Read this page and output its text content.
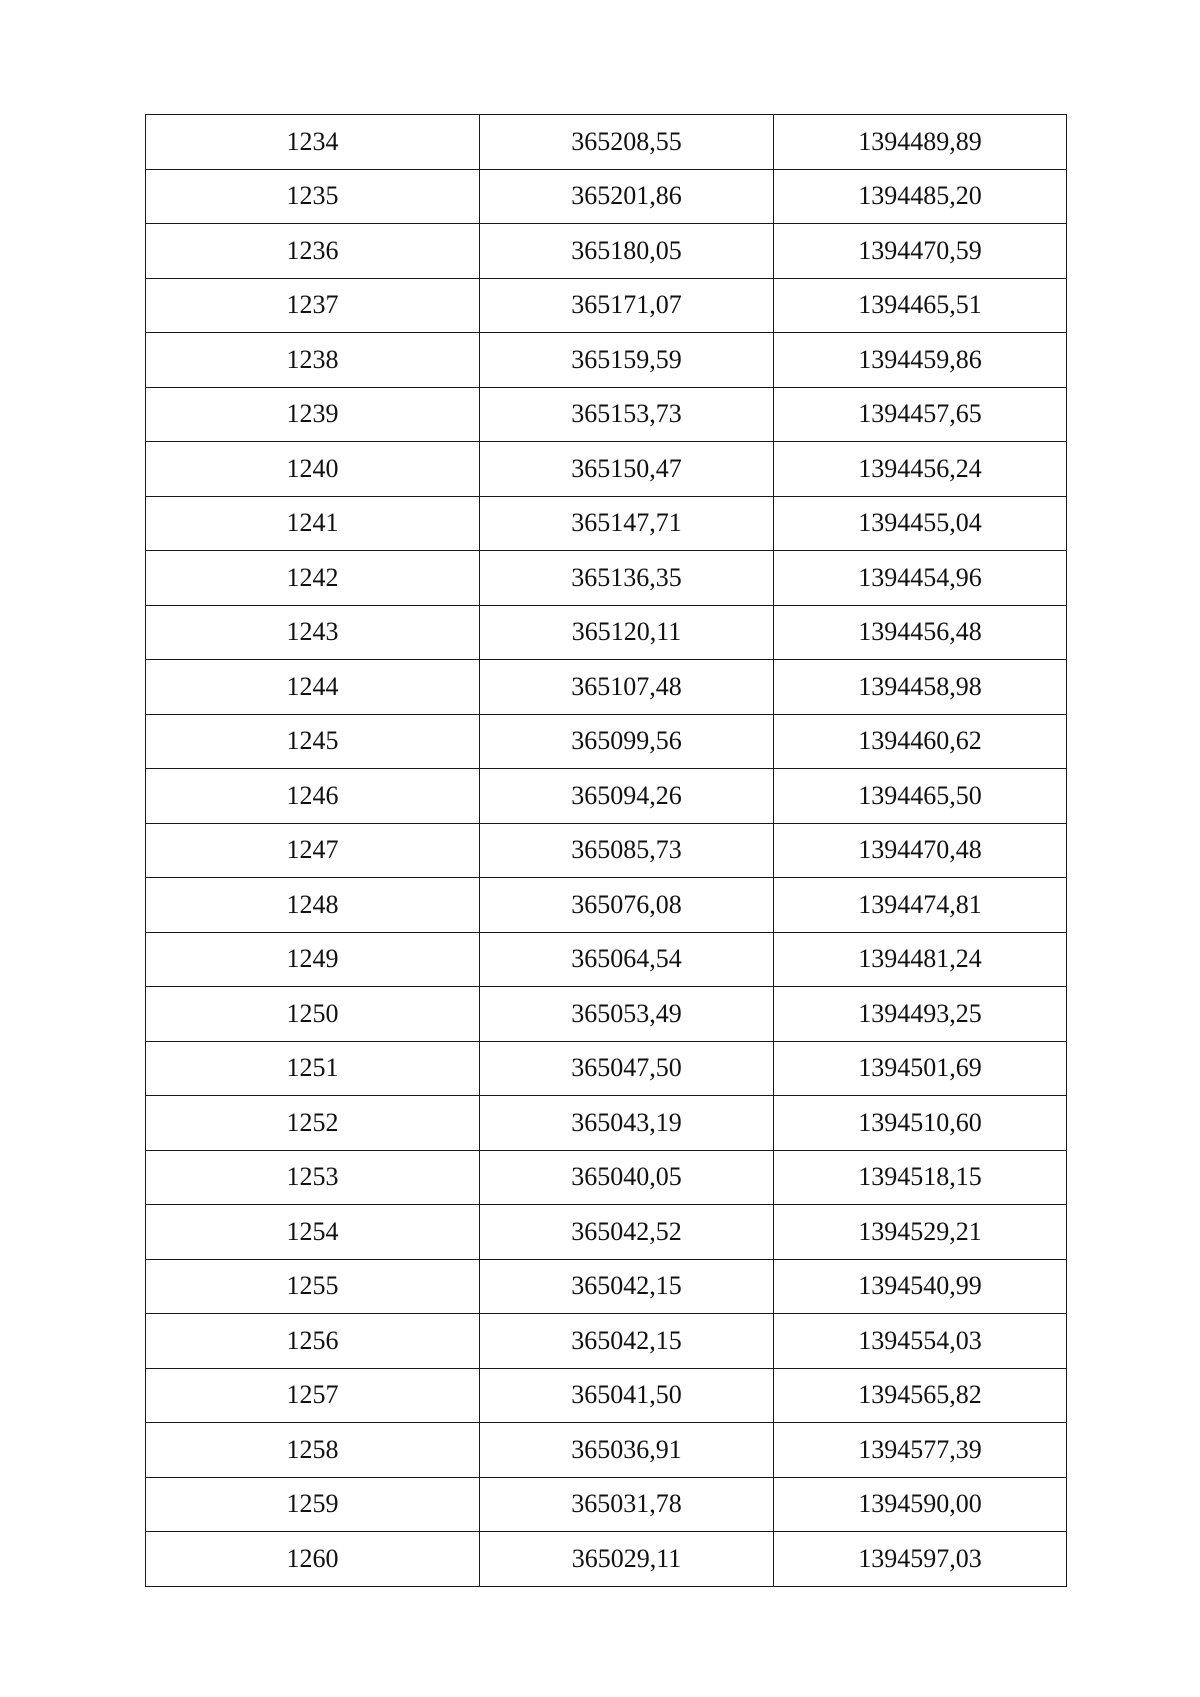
1234	365208,55	1394489,89
1235	365201,86	1394485,20
1236	365180,05	1394470,59
1237	365171,07	1394465,51
1238	365159,59	1394459,86
1239	365153,73	1394457,65
1240	365150,47	1394456,24
1241	365147,71	1394455,04
1242	365136,35	1394454,96
1243	365120,11	1394456,48
1244	365107,48	1394458,98
1245	365099,56	1394460,62
1246	365094,26	1394465,50
1247	365085,73	1394470,48
1248	365076,08	1394474,81
1249	365064,54	1394481,24
1250	365053,49	1394493,25
1251	365047,50	1394501,69
1252	365043,19	1394510,60
1253	365040,05	1394518,15
1254	365042,52	1394529,21
1255	365042,15	1394540,99
1256	365042,15	1394554,03
1257	365041,50	1394565,82
1258	365036,91	1394577,39
1259	365031,78	1394590,00
1260	365029,11	1394597,03
